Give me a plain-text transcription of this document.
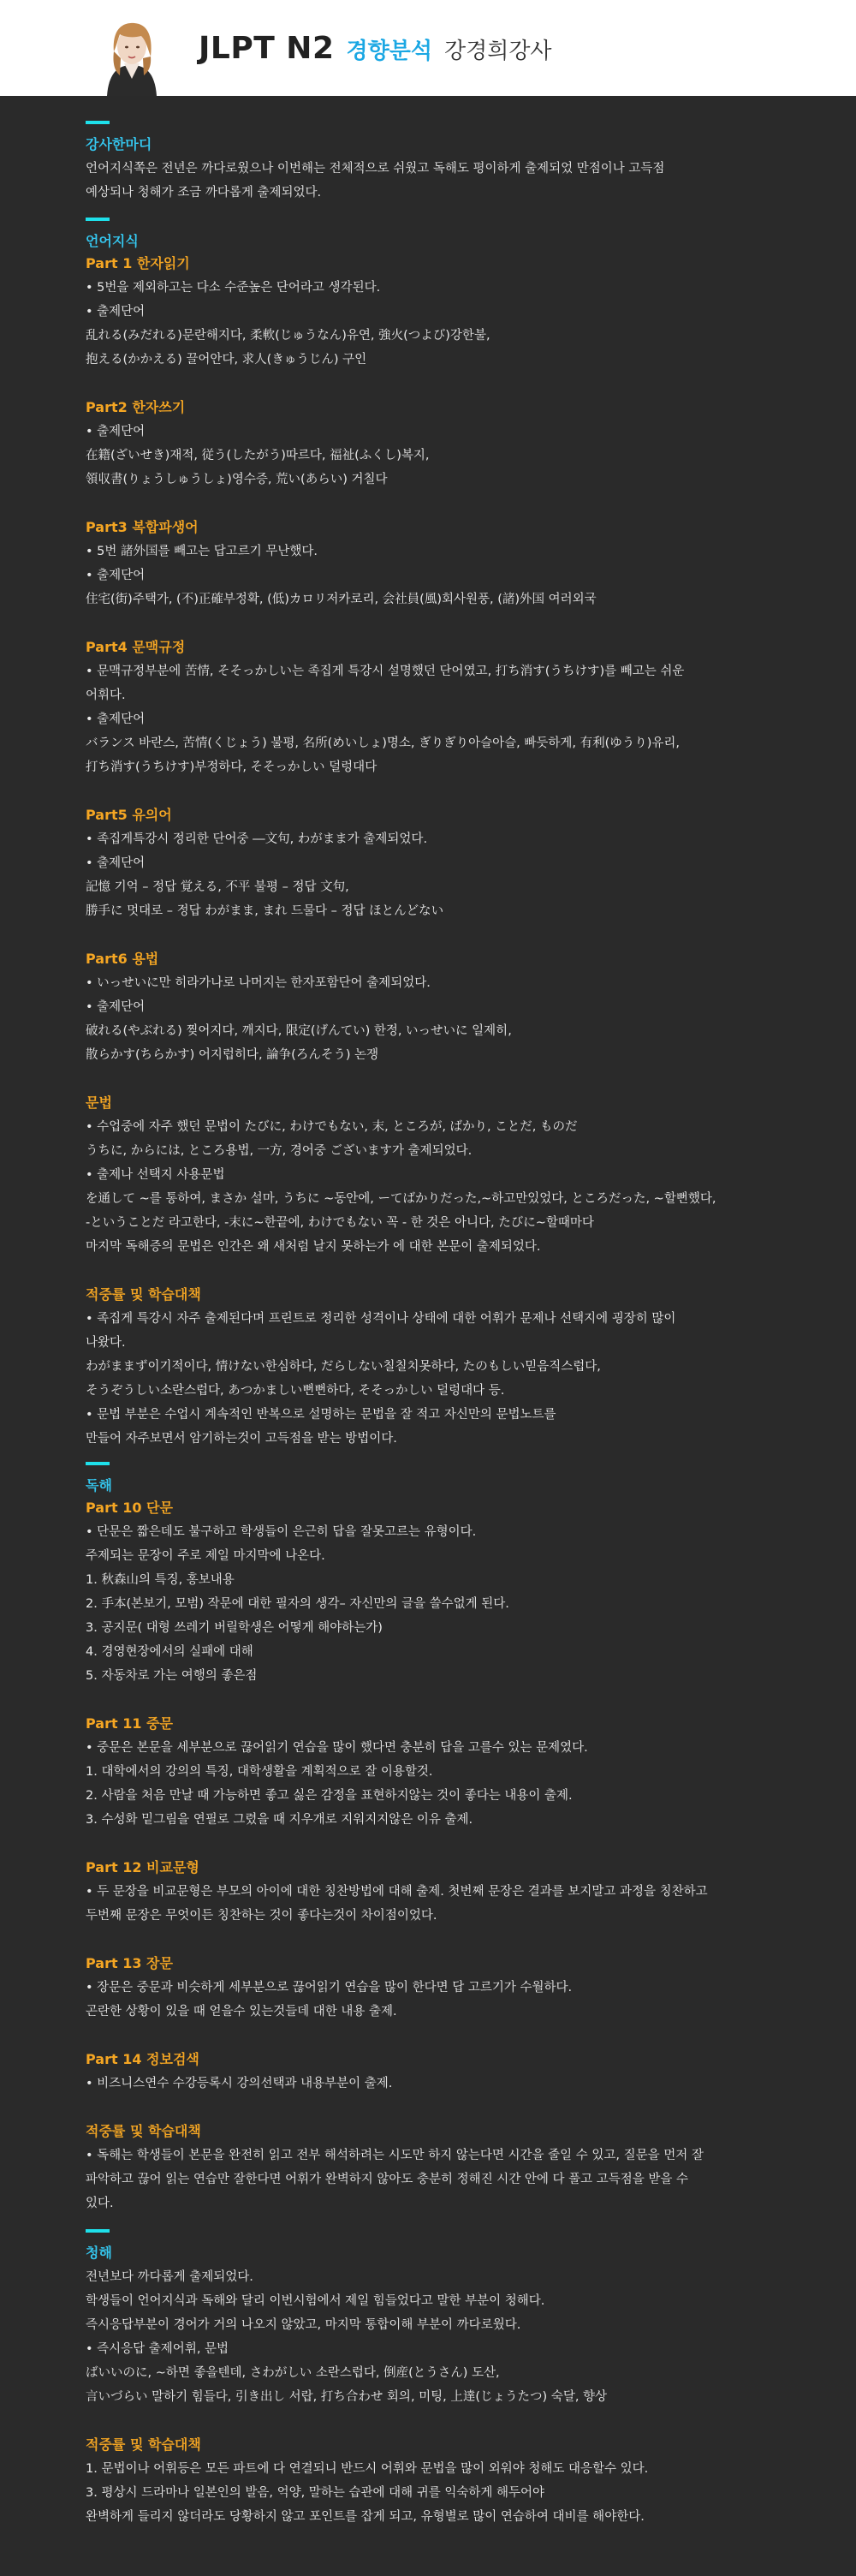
JLPT N2 경향분석 강경희강사
강사한마디
언어지식쪽은 전년은 까다로웠으나 이번해는 전체적으로 쉬웠고 독해도 평이하게 출제되었 만점이나 고득점
예상되나 청해가 조금 까다롭게 출제되었다.
언어지식
Part 1 한자읽기
• 5번을 제외하고는 다소 수준높은 단어라고 생각된다.
• 출제단어
乱れる(みだれる)문란해지다, 柔軟(じゅうなん)유연, 強火(つよび)강한불,
抱える(かかえる) 끌어안다, 求人(きゅうじん) 구인
Part2 한자쓰기
• 출제단어
在籍(ざいせき)재적, 従う(したがう)따르다, 福祉(ふくし)복지,
領収書(りょうしゅうしょ)영수증, 荒い(あらい) 거칠다
Part3 복합파생어
• 5번 諸外国를 빼고는 답고르기 무난했다.
• 출제단어
住宅(街)주택가, (不)正確부정확, (低)カロリ저카로리, 会社員(風)회사원풍, (諸)外国 여러외국
Part4 문맥규정
• 문맥규정부분에 苦情, そそっかしい는 족집게 특강시 설명했던 단어였고, 打ち消す(うちけす)를 빼고는 쉬운
어휘다.
• 출제단어
バランス 바란스, 苦情(くじょう) 불평, 名所(めいしょ)명소, ぎりぎり아슬아슬, 빠듯하게, 有利(ゆうり)유리,
打ち消す(うちけす)부정하다, そそっかしい 덜렁대다
Part5 유의어
• 족집게특강시 정리한 단어중 ―文句, わがまま가 출제되었다.
• 출제단어
記憶 기억 – 정답 覚える, 不平 불평 – 정답 文句,
勝手に 멋대로 – 정답 わがまま, まれ 드물다 – 정답 ほとんどない
Part6 용법
• いっせいに만 히라가나로 나머지는 한자포함단어 출제되었다.
• 출제단어
破れる(やぶれる) 찢어지다, 깨지다, 限定(げんてい) 한정, いっせいに 일제히,
散らかす(ちらかす) 어지럽히다, 論争(ろんそう) 논쟁
문법
• 수업중에 자주 했던 문법이 たびに, わけでもない, 末, ところが, ばかり, ことだ, ものだ
うちに, からには, ところ용법, 一方, 경어중 ございます가 출제되었다.
• 출제나 선택지 사용문법
を通して ~를 통하여, まさか 설마, うちに ~동안에, ーてばかりだった,~하고만있었다, ところだった, ~할뻔했다,
-ということだ 라고한다, -末に~한끝에, わけでもない 꼭 - 한 것은 아니다, たびに~할때마다
마지막 독해증의 문법은 인간은 왜 새처럼 날지 못하는가 에 대한 본문이 출제되었다.
적중률 및 학습대책
• 족집게 특강시 자주 출제된다며 프린트로 정리한 성격이나 상태에 대한 어휘가 문제나 선택지에 굉장히 많이
나왔다.
わがままず이기적이다, 情けない한심하다, だらしない칠칠치못하다, たのもしい믿음직스럽다,
そうぞうしい소란스럽다, あつかましい뻔뻔하다, そそっかしい 덜렁대다 등.
• 문법 부분은 수업시 계속적인 반복으로 설명하는 문법을 잘 적고 자신만의 문법노트를
만들어 자주보면서 암기하는것이 고득점을 받는 방법이다.
독해
Part 10 단문
• 단문은 짧은데도 불구하고 학생들이 은근히 답을 잘못고르는 유형이다.
주제되는 문장이 주로 제일 마지막에 나온다.
1. 秋森山의 특징, 홍보내용
2. 手本(본보기, 모범) 작문에 대한 필자의 생각– 자신만의 글을 쓸수없게 된다.
3. 공지문( 대형 쓰레기 버릴학생은 어떻게 해야하는가)
4. 경영현장에서의 실패에 대해
5. 자동차로 가는 여행의 좋은점
Part 11 중문
• 중문은 본문을 세부분으로 끊어읽기 연습을 많이 했다면 충분히 답을 고를수 있는 문제였다.
1. 대학에서의 강의의 특징, 대학생활을 계획적으로 잘 이용할것.
2. 사람을 처음 만날 때 가능하면 좋고 싫은 감정을 표현하지않는 것이 좋다는 내용이 출제.
3. 수성화 밑그림을 연필로 그렸을 때 지우개로 지워지지않은 이유 출제.
Part 12 비교문형
• 두 문장을 비교문형은 부모의 아이에 대한 칭찬방법에 대해 출제. 첫번째 문장은 결과를 보지말고 과정을 칭찬하고
두번째 문장은 무엇이든 칭찬하는 것이 좋다는것이 차이점이었다.
Part 13 장문
• 장문은 중문과 비슷하게 세부분으로 끊어읽기 연습을 많이 한다면 답 고르기가 수월하다.
곤란한 상황이 있을 때 얻을수 있는것들데 대한 내용 출제.
Part 14 정보검색
• 비즈니스연수 수강등록시 강의선택과 내용부분이 출제.
적중률 및 학습대책
• 독해는 학생들이 본문을 완전히 읽고 전부 해석하려는 시도만 하지 않는다면 시간을 줄일 수 있고, 질문을 먼저 잘
파악하고 끊어 읽는 연습만 잘한다면 어휘가 완벽하지 않아도 충분히 정해진 시간 안에 다 풀고 고득점을 받을 수
있다.
청해
전년보다 까다롭게 출제되었다.
학생들이 언어지식과 독해와 달리 이번시험에서 제일 힘들었다고 말한 부분이 청해다.
즉시응답부분이 경어가 거의 나오지 않았고, 마지막 통합이해 부분이 까다로웠다.
• 즉시응답 출제어휘, 문법
ばいいのに, ~하면 좋을텐데, さわがしい 소란스럽다, 倒産(とうさん) 도산,
言いづらい 말하기 힘들다, 引き出し 서랍, 打ち合わせ 회의, 미팅, 上達(じょうたつ) 숙달, 향상
적중률 및 학습대책
1. 문법이나 어휘등은 모든 파트에 다 연결되니 반드시 어휘와 문법을 많이 외워야 청해도 대응할수 있다.
3. 평상시 드라마나 일본인의 발음, 억양, 말하는 습관에 대해 귀를 익숙하게 해두어야
완벽하게 들리지 않더라도 당황하지 않고 포인트를 잡게 되고, 유형별로 많이 연습하여 대비를 해야한다.
